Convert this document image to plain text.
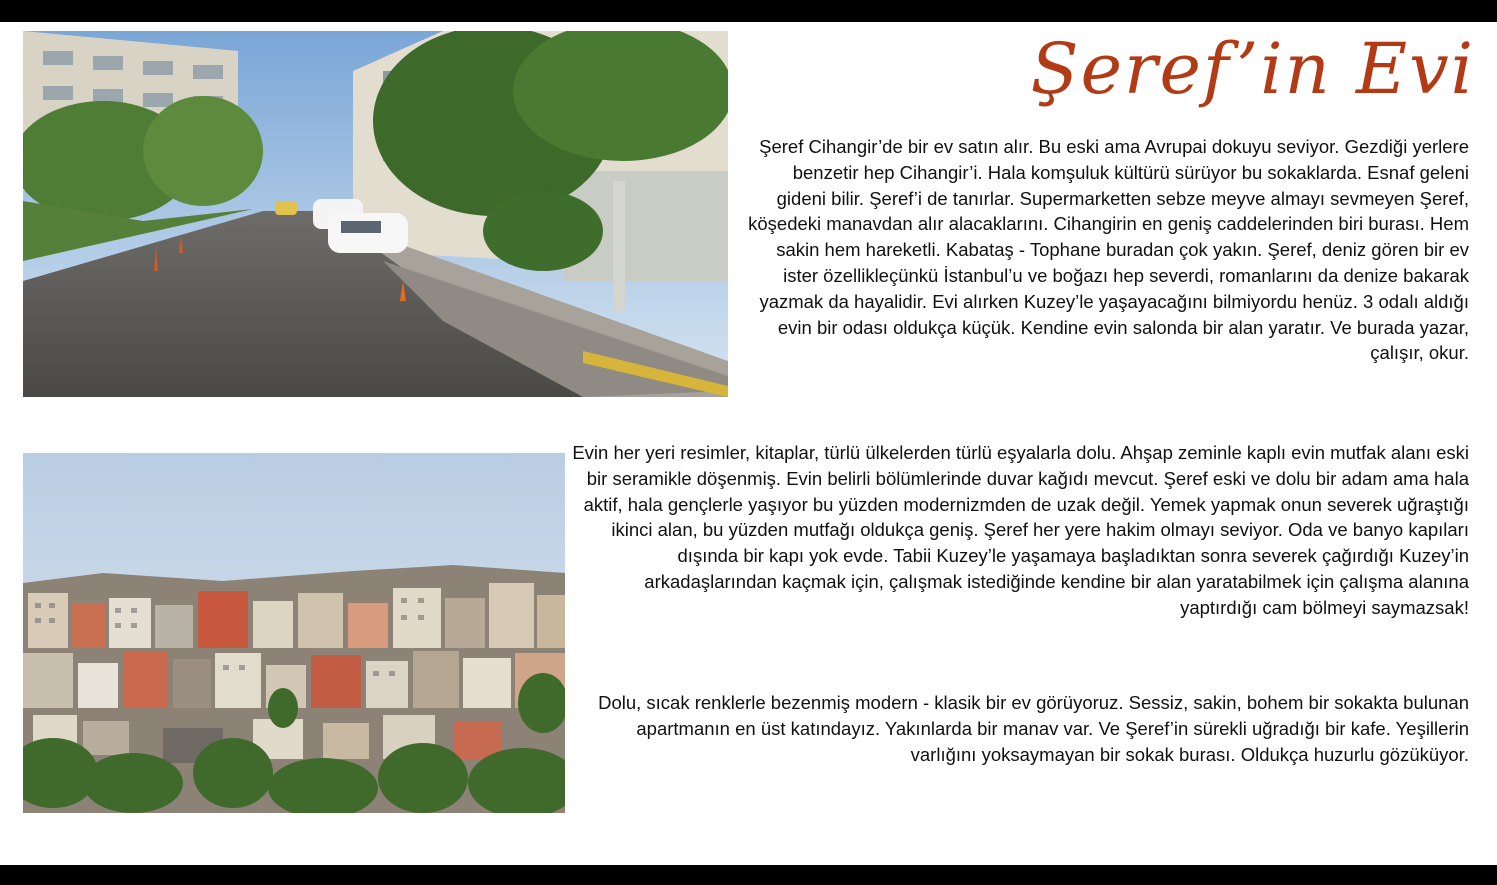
Şeref’in Evi

Şeref Cihangir’de bir ev satın alır. Bu eski ama Avrupai dokuyu seviyor. Gezdiği yerlere benzetir hep Cihangir’i. Hala komşuluk kültürü sürüyor bu sokaklarda. Esnaf geleni gideni bilir. Şeref’i de tanırlar. Supermarketten sebze meyve almayı sevmeyen Şeref, köşedeki manavdan alır alacaklarını. Cihangirin en geniş caddelerinden biri burası. Hem sakin hem hareketli. Kabataş - Tophane buradan çok yakın. Şeref, deniz gören bir ev ister özellikleçünkü İstanbul’u ve boğazı hep severdi, romanlarını da denize bakarak yazmak da hayalidir. Evi alırken Kuzey’le yaşayacağını bilmiyordu henüz. 3 odalı aldığı evin bir odası oldukça küçük. Kendine evin salonda bir alan yaratır. Ve burada yazar, çalışır, okur.

Evin her yeri resimler, kitaplar, türlü ülkelerden türlü eşyalarla dolu. Ahşap zeminle kaplı evin mutfak alanı eski bir seramikle döşenmiş. Evin belirli bölümlerinde duvar kağıdı mevcut. Şeref eski ve dolu bir adam ama hala aktif, hala gençlerle yaşıyor bu yüzden modernizmden de uzak değil. Yemek yapmak onun severek uğraştığı ikinci alan, bu yüzden mutfağı oldukça geniş. Şeref her yere hakim olmayı seviyor. Oda ve banyo kapıları dışında bir kapı yok evde. Tabii Kuzey’le yaşamaya başladıktan sonra severek çağırdığı Kuzey’in arkadaşlarından kaçmak için, çalışmak istediğinde kendine bir alan yaratabilmek için çalışma alanına yaptırdığı cam bölmeyi saymazsak!

Dolu, sıcak renklerle bezenmiş modern - klasik bir ev görüyoruz. Sessiz, sakin, bohem bir sokakta bulunan apartmanın en üst katındayız. Yakınlarda bir manav var. Ve Şeref’in sürekli uğradığı bir kafe. Yeşillerin varlığını yoksaymayan bir sokak burası. Oldukça huzurlu gözüküyor.
